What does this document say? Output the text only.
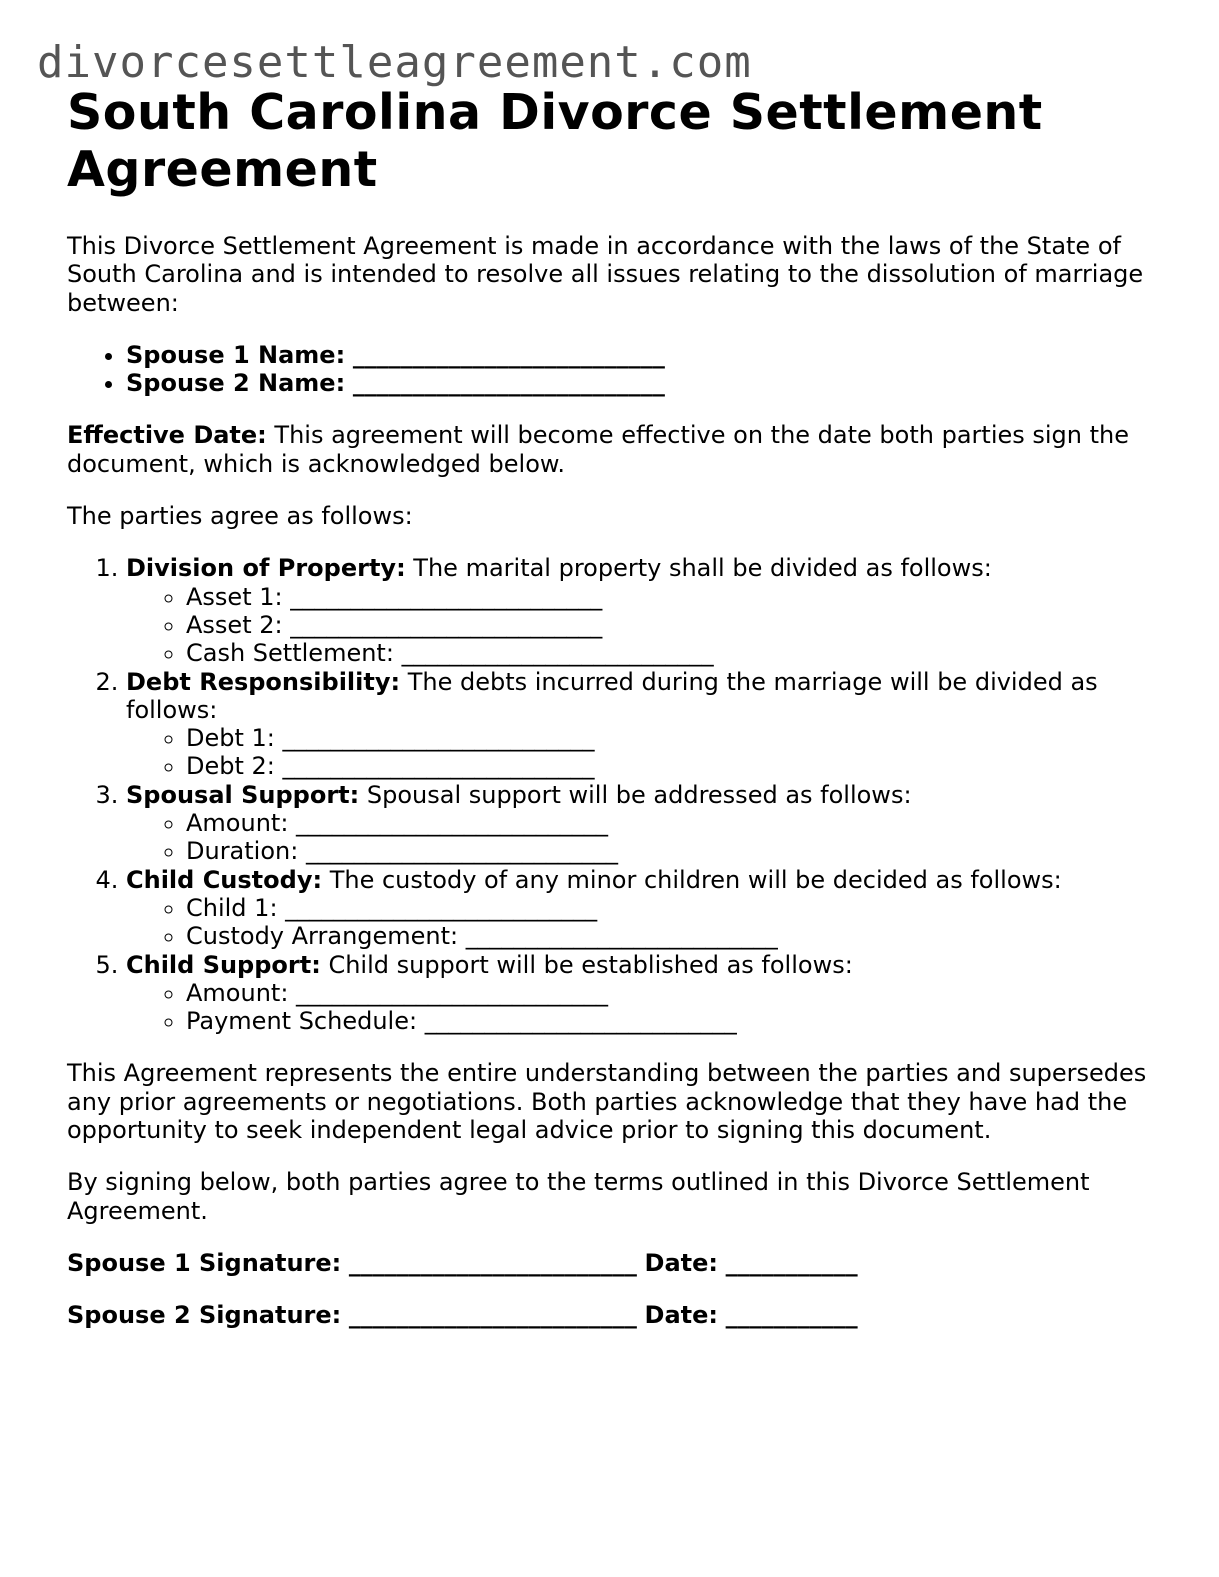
divorcesettleagreement.com
South Carolina Divorce Settlement Agreement

This Divorce Settlement Agreement is made in accordance with the laws of the State of South Carolina and is intended to resolve all issues relating to the dissolution of marriage between:

• Spouse 1 Name: __________________________
• Spouse 2 Name: __________________________

Effective Date: This agreement will become effective on the date both parties sign the document, which is acknowledged below.

The parties agree as follows:

1. Division of Property: The marital property shall be divided as follows:
◦ Asset 1: __________________________
◦ Asset 2: __________________________
◦ Cash Settlement: __________________________
2. Debt Responsibility: The debts incurred during the marriage will be divided as follows:
◦ Debt 1: __________________________
◦ Debt 2: __________________________
3. Spousal Support: Spousal support will be addressed as follows:
◦ Amount: __________________________
◦ Duration: __________________________
4. Child Custody: The custody of any minor children will be decided as follows:
◦ Child 1: __________________________
◦ Custody Arrangement: __________________________
5. Child Support: Child support will be established as follows:
◦ Amount: __________________________
◦ Payment Schedule: __________________________

This Agreement represents the entire understanding between the parties and supersedes any prior agreements or negotiations. Both parties acknowledge that they have had the opportunity to seek independent legal advice prior to signing this document.

By signing below, both parties agree to the terms outlined in this Divorce Settlement Agreement.

Spouse 1 Signature: ________________________ Date: ___________

Spouse 2 Signature: ________________________ Date: ___________
